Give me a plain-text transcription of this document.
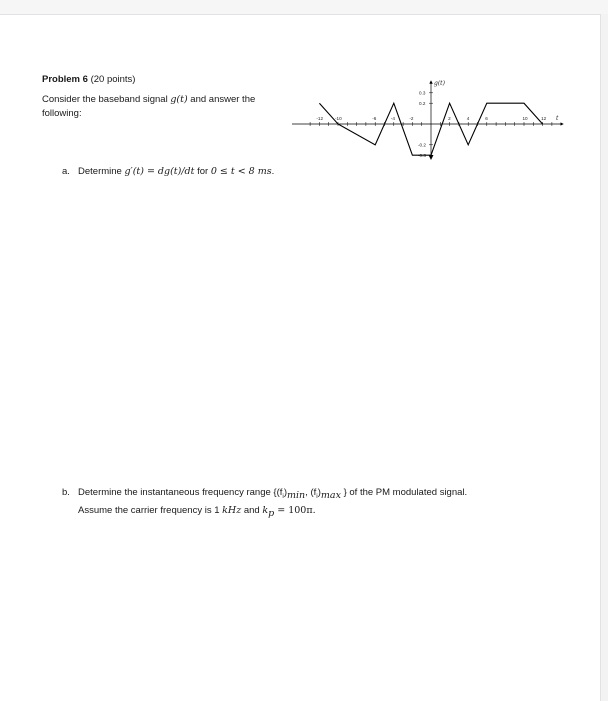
Problem 6 (20 points)
Consider the baseband signal g(t) and answer the following:
a. Determine g′(t) = dg(t)/dt for 0 ≤ t < 8 ms.
b. Determine the instantaneous frequency range {$(f_i)_{min}$, $(f_i)_{max}$ } of the PM modulated signal.
Assume the carrier frequency is 1 kHz and $k_p = 100\pi$.
g(t)
t
-12	-10	-6	-4	-2	2	4	6	10	12
0.3
0.2
-0.2
-0.3
